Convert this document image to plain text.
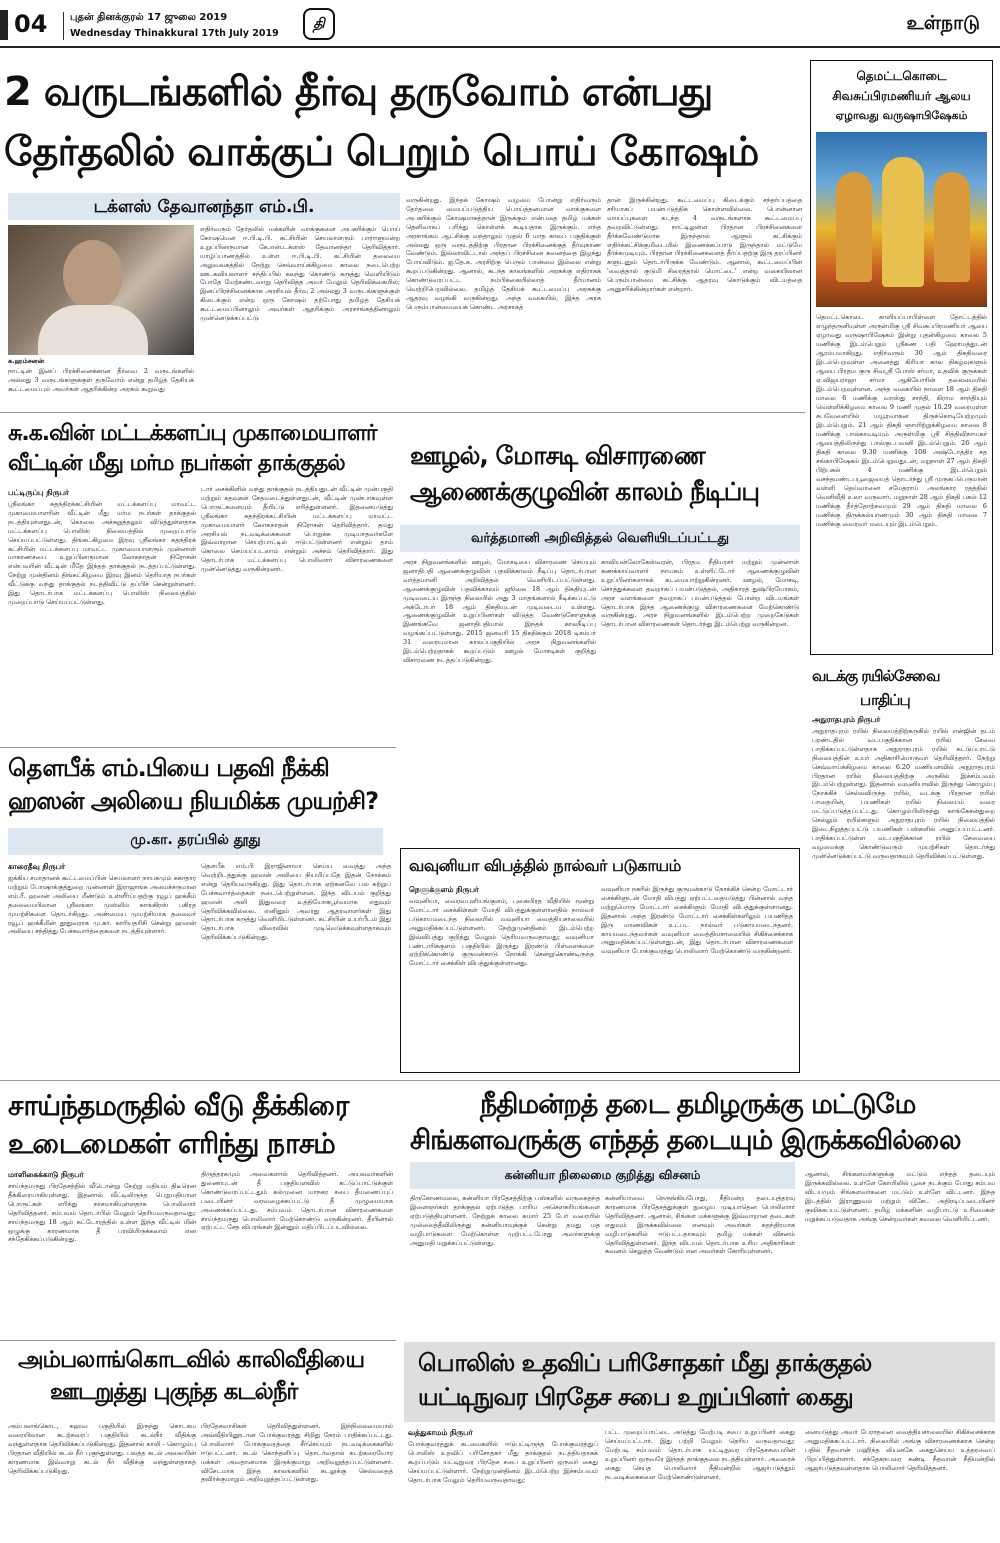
04 புதன் தினக்குரல் 17 ஜுலை 2019
Wednesday Thinakkural 17th July 2019
தி	உள்நாடு
2 வருடங்களில் தீர்வு தருவோம் என்பது
தேர்தலில் வாக்குப் பெறும் பொய் கோஷம்
டக்ளஸ் தேவானந்தா எம்.பி.
க.ஹம்சனன்
நாட்டின் இனப் பிரச்சினைக்கான தீர்வை 2 வருடங்களில் அல்லது 3 வருடங்களுக்குள் தருவோம் என்று தமிழ்த் தேசியக் கூட்டமைப்பும் அவர்கள் ஆதரிக்கின்ற அரசும் கூறுவது
எதிர்வரும் தேர்தலில் மக்களின் வாக்குகளை அபகரிக்கும் பொய் கோஷமென ஈ.பி.டி.பி. கட்சியின் செயலாளரும் பாராளுமன்ற உறுப்பினருமான கே.என்.டக்ளஸ் தேவானந்தா தெரிவித்தார். யாழ்ப்பாணத்தில் உள்ள ஈ.பி.டி.பி. கட்சியின் தலைமை அலுவலகத்தில் நேற்று செவ்வாய்க்கிழமை காலை நடைபெற்ற ஊடகவியலாளர் சந்திப்பில் கலந்து கொண்டு கருத்து வெளியிடும் போதே மேற்கண்டவாறு தெரிவித்த அவர் மேலும் தெரிவிக்கையில்; இனப்பிரச்சினைக்காக அரசியல் தீர்வு 2 அல்லது 3 வருடங்களுக்குள் கிடைக்கும் என்ற ஒரு கோஷம் தற்போது தமிழ்த் தேசியக் கூட்டமைப்பினாலும் அவர்கள் ஆதரிக்கும் அரசாங்கத்தினாலும் முன்னெடுக்கப்பட்டு
வருகின்றது. இந்தக் கோஷம் வழமை போன்று எதிர்வரும் தேர்தலை மையப்படுத்திய பொய்த்தனமான வாக்குகளை அபகரிக்கும் கோஷமாகத்தான் இருக்கும் என்பதை தமிழ் மக்கள் தெளிவாகப் புரிந்து கொள்ளக் கூடியதாக இருக்கும். எந்த அரசாங்கம் ஆட்சிக்கு வந்தாலும் முதல் 6 மாத காலப் பகுதிக்குள் அல்லது ஒரு வருடத்திற்கு பிரதான பிரச்சினைக்குத் தீர்வுகாண வேண்டும். இல்லாவிட்டால் அந்தப் பிரச்சினை கவனத்தை இழந்து போய்விடும். ஐ.தே.க. அரசிற்கு பெரும் பான்மை இல்லை என்று கூறப்படுகின்றது. ஆனால், கடந்த காலங்களில் அரசுக்கு எதிராகக் கொண்டுவரப்பட்ட நம்பிக்கையில்லாத் தீர்மானம் வெற்றிபெறவில்லை. தமிழ்த் தேசியக் கூட்டமைப்பு அரசுக்கு ஆதரவு வழங்கி வருகின்றது. அந்த வகையில், இந்த அரசு பெரும்பான்மையைக் கொண்ட அரசாகத்
தான் இருக்கின்றது. கூட்டமைப்பு கிடைக்கும் சந்தர்ப்பத்தை சரியாகப் பயன்படுத்திக் கொள்ளவில்லை. பொன்னான வாய்ப்புகளை கடந்த 4 வருடங்களாக கூட்டமைப்பு தவறவிட்டுள்ளது. நாட்டிலுள்ள பிரதான பிரச்சினைகளை தீர்க்கவேண்டுமாக இருந்தால் ஆளும் கட்சிக்கும் எதிர்க்கட்சிக்குமிடையில் இணைக்கப்பாடு இருந்தால் மட்டுமே தீர்க்கமுடியும். பிரதான பிரச்சினைகளைத் தீர்ப்பதற்கு இரு தரப்பினர் களுடனும் தொடர்பிருக்க வேண்டும். ஆனால், கூட்டமைப்பின் 'வைத்தால் குடுமி சிரைத்தால் மொட்டை' என்ற வகையிலான பெரும்பான்மை கட்சிக்கு ஆதரவு கொடுக்கும் விடயத்தை அனுசரிக்கின்றார்கள் என்றார்.
தெமட்டகொடை
சிவசுப்பிரமணியர் ஆலய
ஏழாவது வருஷாபிஷேகம்
தெமட்டகொடை காளியப்பாபிள்ளை தோட்டத்தில் எழுந்தருளியுள்ள அருள்மிகு ஸ்ரீ சிவசுப்பிரமணியர் ஆலய ஏழாவது வருஷாபிஷேகம் இன்று புதன்கிழமை காலை 5 மணிக்கு இடம்பெறும் ஸ்ரீகண பதி ஹோமத்துடன் ஆரம்பமாகிறது. எதிர்வரும் 30 ஆம் திகதிவரை இடம்பெறவுள்ள அனைத்து கிரியா கால நிகழ்வுகளும் ஆலய பிரதம குரு சிவஸ்ரீ போஸ் சர்மா, உதவிக் குருக்கள் ஏ.விஜயராஜா சர்மா ஆகியோரின் தலைமையில் இடம்பெறவுள்ளன. அந்த வகையில் நாளை 18 ஆம் திகதி மாலை 6 மணிக்கு வாஸ்து சாந்தி, கிராம சாந்தியும் வெள்ளிக்கிழமை காலை 9 மணி முதல் 10.29 வரையுள்ள சுபவேளையில் மயூரவாகன திருக்கொடியேற்றமும் இடம்பெறும். 21 ஆம் திகதி ஞாயிற்றுக்கிழமை காலை 8 மணிக்கு பால்காவடியும் அருள்மிகு ஸ்ரீ சித்திவிநாயகர் ஆலயத்திலிருந்து பால்குடபவனி இடம்பெறும். 26 ஆம் திகதி காலை 9.30 மணிக்கு 108 அஷ்டோத்திர சத சங்காபிஷேகம் இடம்பெறுவதுடன், மறுநாள் 27 ஆம் திகதி பிற்பகல் 4 மணிக்கு இடம்பெறும் வசந்தமண்டபபூஜையைத் தொடர்ந்து ஸ்ரீ முருகப்பெருமான் வள்ளி தெய்வானை சமேதராய் அலங்கார ரதத்தில் வெளிவீதி உலா வருவார். மறுநாள் 28 ஆம் திகதி பகல் 12 மணிக்கு தீர்த்தோற்சவமும் 29 ஆம் திகதி மாலை 6 மணிக்கு திருக்கல்யாணமும் 30 ஆம் திகதி மாலை 7 மணிக்கு வைரவர் மடையும் இடம்பெறும்.
சு.க.வின் மட்டக்களப்பு முகாமையாளர்
வீட்டின் மீது மர்ம நபர்கள் தாக்குதல்
பட்டிருப்பு நிருபர்
ஸ்ரீலங்கா சுதந்திரக்கட்சியின் மட்டக்களப்பு மாவட்ட முகாமையாளரின் வீட்டின் மீது மர்ம நபர்கள் தாக்குதல் நடத்தியுள்ளதுடன், கொலை அச்சுறுத்தலும் விடுத்துள்ளதாக மட்டக்களப்பு பொலிஸ் நிலையத்தில் முறைப்பாடு செய்யப்பட்டுள்ளது. திங்கட்கிழமை இரவு ஸ்ரீலங்கா சுதந்திரக் கட்சியின் மட்டக்களப்பு மாவட்ட முகாமையாளரும் முன்னாள் மாகாணசபை உறுப்பினருமான லோகநாதன் நிரோசன் என்பவரின் வீட்டின் மீதே இந்தத் தாக்குதல் நடத்தப்பட்டுள்ளது. நேற்று முன்தினம் திங்கட்கிழமை இரவு இனம் தெரியாத நபர்கள் வீட்டுக்கு வந்து தாக்குதல் நடத்திவிட்டு தப்பிச் சென்றுள்ளனர். இது தொடர்பாக மட்டக்களப்பு பொலிஸ் நிலையத்தில் முறைப்பாடு செய்யப்பட்டுள்ளது.
டார் சைக்கிளில் வந்து தாக்குதல் நடத்தியதுடன் வீட்டின் முன்பகுதி மற்றும் கதவுகள் சேதமடைந்துள்ளதுடன், வீட்டின் முன்பாகவுள்ள பொருட்களையும் தீயிட்டு எரித்துள்ளனர். இதனையடுத்து ஸ்ரீலங்கா சுதந்திரக்கட்சியின் மட்டக்களப்பு மாவட்ட முகாமையாளர் லோகநாதன் நிரோசன் தெரிவித்தார். தமது அரசியல் நடவடிக்கைகளை பொறுக்க முடியாதவர்களே இவ்வாறான செயற்பாட்டில் ஈடுபட்டுள்ளனர் என்றும் தாம் கொலை செய்யப்படலாம் என்றும் அச்சம் தெரிவித்தார். இது தொடர்பாக மட்டக்களப்பு பொலிஸார் விசாரணைகளை முன்னெடுத்து வருகின்றனர்.
ஊழல், மோசடி விசாரணை
ஆணைக்குழுவின் காலம் நீடிப்பு
வர்த்தமானி அறிவித்தல் வெளியிடப்பட்டது
அரச நிறுவனங்களில் ஊழல், மோசடியை விசாரணை செய்யும் ஜனாதிபதி ஆணைக்குழுவின் பதவிக்காலம் நீடிப்பு தொடர்பான வர்த்தமானி அறிவித்தல் வெளியிடப்பட்டுள்ளது. ஆணைக்குழுவின் பதவிக்காலம் ஜூலை 18 ஆம் திகதியுடன் முடிவடைய இருந்த நிலையில் அது 3 மாதங்களால் நீடிக்கப்பட்டு அக்டோபர் 18 ஆம் திகதியுடன் முடிவடைய உள்ளது. ஆணைக்குழுவின் உறுப்பினர்கள் விடுத்த வேண்டுகோளுக்கு இணங்கவே ஜனாதிபதியால் இந்தக் காலநீடிப்பு வழங்கப்பட்டுள்ளது. 2015 ஜனவரி 15 திகதிக்கும் 2018 டிசம்பர் 31 வரையுமான காலப்பகுதியில் அரச நிறுவனங்களில் இடம்பெற்றதாகக் கூறப்படும் ஊழல் மோசடிகள் குறித்து விசாரணை நடத்தப்படுகின்றது.
காவியன்லோகேஸ்வரன், பிரதம நீதியரசர் மற்றும் முன்னாள் கணக்காய்வாளர் நாயகம் உள்ளிட்டோர் ஆணைக்குழுவின் உறுப்பினர்களாகக் கடமையாற்றுகின்றனர். ஊழல், மோசடி, சொத்துக்களை தவறாகப் பயன்படுத்தல், அதிகாரத் துஷ்பிரயோகம், அரச வளங்களை தவறாகப் பயன்படுத்தல் போன்ற விடயங்கள் தொடர்பாக இந்த ஆணைக்குழு விசாரணைகளை மேற்கொண்டு வருகின்றது. அரச நிறுவனங்களில் இடம்பெற்ற முறைகேடுகள் தொடர்பான விசாரணைகள் தொடர்ந்து இடம்பெற்று வருகின்றன.
வடக்கு ரயில்சேவை
பாதிப்பு
அநுராதபுரம் நிருபர்
அநுராதபுரம் ரயில் நிலையத்திற்கருகில் ரயில் என்ஜின் தடம் புரண்டதில் வடபகுதிக்கான ரயில் சேவை பாதிக்கப்பட்டுள்ளதாக அநுராதபுரம் ரயில் கட்டுப்பாட்டு நிலையத்தின் உயர் அதிகாரியொருவர் தெரிவித்தார். நேற்று செவ்வாய்க்கிழமை காலை 6.20 மணியளவில் அநுராதபுரம் பிரதான ரயில் நிலையத்திற்கு அருகில் இச்சம்பவம் இடம்பெற்றுள்ளது. இதனால் வவுனியாவில் இருந்து கொழும்பு நோக்கிச் செல்லவிருந்த ரயில், வடக்கு பிரதான ரயில் பாதையின், பயணிகள் ரயில் நிலையம் வரை மட்டுப்படுத்தப்பட்டது. கொழும்பிலிருந்து காங்கேசன்துறை செல்லும் ரயில்களும் அநுராதபுரம் ரயில் நிலையத்தில் இடைநிறுத்தப்பட்டு பயணிகள் பஸ்களில் அனுப்பப்பட்டனர். பாதிக்கப்பட்டுள்ள வடபகுதிக்கான ரயில் சேவையை வழமைக்கு கொண்டுவரும் முயற்சிகள் தொடர்ந்து முன்னெடுக்கப்பட்டு வருவதாகவும் தெரிவிக்கப்பட்டுள்ளது.
தௌபீக் எம்.பியை பதவி நீக்கி
ஹஸன் அலியை நியமிக்க முயற்சி?
மு.கா. தரப்பில் தூது
காரைதீவு நிருபர்
ஐக்கிய சமாதானக் கூட்டமைப்பின் செயலாளர் நாயகமும் சுகாதார மற்றும் போஷாக்குத்துறை முன்னாள் இராஜாங்க அமைச்சருமான எம்.ரீ. ஹஸன் அலியை மீண்டும் உள்ளீர்ப்பதற்கு ரவூப் ஹக்கீம் தலைமையிலான ஸ்ரீலங்கா முஸ்லிம் காங்கிரஸ் பகிரத முயற்சிகளை தொடர்கிறது. அண்மைய முயற்சியாக தலைவர் ரவூப் ஹக்கீமின் தூதுவராக மு.கா. காரியதரிசி சென்று ஹஸன் அலியை சந்தித்து பேச்சுவார்த்தைகளை நடத்தியுள்ளார்.
தௌபீக் எம்.பி இராஜினாமா செய்ய வைத்து அந்த வெற்றிடத்துக்கு ஹஸன் அலியை நியமிப்பதே இதன் நோக்கம் என்று தெரியவருகிறது. இது தொடர்பாக ஏற்கனவே பல சுற்றுப் பேச்சுவார்த்தைகள் நடைபெற்றுள்ளன. இந்த விடயம் குறித்து ஹஸன் அலி இதுவரை உத்தியோகபூர்வமாக எதுவும் தெரிவிக்கவில்லை. எனினும் அவரது ஆதரவாளர்கள் இது தொடர்பாக கருத்து வெளியிட்டுள்ளனர். கட்சியின் உயர்பீடம் இது தொடர்பாக விரைவில் முடிவெடுக்கவுள்ளதாகவும் தெரிவிக்கப்படுகின்றது.
வவுனியா விபத்தில் நால்வர் படுகாயம்
நெளுக்குளம் நிருபர்
வவுனியா, வைரவபுளியங்குளம், புகையிரத வீதியில் மூன்று மோட்டார் சைக்கிள்கள் மோதி விபத்துக்குள்ளானதில் நால்வர் படுகாயமடைந்த நிலையில் வவுனியா வைத்தியசாலையில் அனுமதிக்கப்பட்டுள்ளனர். நேற்றுமுன்தினம் இடம்பெற்ற இவ்விபத்து குறித்து மேலும் தெரியவருவதாவது; வவுனியா பண்டாரிக்குளம் பகுதியில் இருந்து இரண்டு பிள்ளைகளை ஏற்றிக்கொண்டு குருமன்காடு நோக்கி சென்றுகொண்டிருந்த மோட்டார் சைக்கிள் விபத்துக்குள்ளானது.
வவுனியா நகரில் இருந்து குருமன்காடு நோக்கிச் சென்ற மோட்டார் சைக்கிளுடன் மோதி விபத்து ஏற்பட்டதையடுத்து பின்னால் வந்த மற்றுமொரு மோட்டார் சைக்கிளும் மோதி விபத்துக்குள்ளானது. இதனால் அந்த இரண்டு மோட்டார் சைக்கிள்களிலும் பயணித்த இரு மாணவிகள் உட்பட நால்வர் படுகாயமடைந்தனர். காயமடைந்தவர்கள் வவுனியா வைத்தியசாலையில் சிகிச்சைக்காக அனுமதிக்கப்பட்டுள்ளதுடன், இது தொடர்பான விசாரணைகளை வவுனியா போக்குவரத்து பொலிஸார் மேற்கொண்டு வருகின்றனர்.
சாய்ந்தமருதில் வீடு தீக்கிரை
உடைமைகள் எரிந்து நாசம்
மாளிகைக்காடு நிருபர்
சாய்ந்தமருது பிரதேசத்தில் வீடொன்று நேற்று மதியம் திடீரென தீக்கிரையாகியுள்ளது. இதனால் வீட்டிலிருந்த பெறுமதியான பொருட்கள் எரிந்து நாசமாகியுள்ளதாக பொலிஸார் தெரிவித்தனர். சம்பவம் தொடர்பில் மேலும் தெரியவருவதாவது; சாய்ந்தமருது 18 ஆம் கட்டோரத்தில் உள்ள இந்த வீட்டில் மின் ஒழுக்கு காரணமாக தீ பரவியிருக்கலாம் என சந்தேகிக்கப்படுகின்றது.
திருத்தரகமும் அவைகளால் தெரிவித்தனர். அயலவர்களின் துணையுடன் தீ பகுதியளவில் கட்டுப்பாட்டுக்குள் கொண்டுவரப்பட்டதும் கல்முனை மாநகர சபை தீயணைப்புப் படையினர் வரவழைக்கப்பட்டு தீ முழுமையாக அணைக்கப்பட்டது. சம்பவம் தொடர்பான விசாரணைகளை சாய்ந்தமருது பொலிஸார் மேற்கொண்டு வருகின்றனர். தீயினால் ஏற்பட்ட சேத விபரங்கள் இன்னும் மதிப்பிடப்படவில்லை.
நீதிமன்றத் தடை தமிழருக்கு மட்டுமே
சிங்களவருக்கு எந்தத் தடையும் இருக்கவில்லை
கன்னியா நிலைமை குறித்து விசனம்
திருகோணமலை, கன்னியா பிரதேசத்திற்கு பஸ்களில் வருகைதந்த இளைஞர்கள் தாக்குதல் ஏற்படுத்த பாரிய அசௌகரியங்களை ஏற்படுத்தியுள்ளனர். நேற்றுக் காலை சுமார் 25 பேர் வரையில் முல்லைத்தீவிலிருந்து கன்னியாவுக்குச் சென்று தமது மத வழிபாடுகளை மேற்கொள்ள முற்பட்டபோது அவர்களுக்கு அனுமதி மறுக்கப்பட்டுள்ளது.
கன்னியாவை நெருங்கியபோது, நீதிமன்ற தடையுத்தரவு காரணமாக பிரதேசத்துக்குள் நுழைய முடியாதென பொலிஸார் தெரிவித்தனர். ஆனால், சிங்கள மக்களுக்கு இவ்வாறான தடைகள் எதுவும் இருக்கவில்லை எனவும் அவர்கள் சுதந்திரமாக வழிபாடுகளில் ஈடுபட்டதாகவும் தமிழ் மக்கள் விசனம் தெரிவித்துள்ளனர். இந்த விடயம் தொடர்பாக உரிய அதிகாரிகள் கவனம் செலுத்த வேண்டும் என அவர்கள் கோரியுள்ளனர்.
ஆனால், சிங்களவர்களுக்கு மட்டும் எந்தத் தடையும் இருக்கவில்லை. உள்ளே கோயிலில் பூசை நடக்கும் போது சம்பவ விடயமும் சிங்களவர்களை மட்டும் உள்ளே விட்டனர். இந்த இடத்தில் இராணுவம் மற்றும் விசேட அதிரடிப்படையினர் குவிக்கப்பட்டுள்ளனர். தமிழ் மக்களின் வழிபாட்டு உரிமைகள் மறுக்கப்படுவதாக அங்கு சென்றவர்கள் கவலை வெளியிட்டனர்.
அம்பலாங்கொடவில் காலிவீதியை
ஊடறுத்து புகுந்த கடல்நீர்
அம்பலாங்கொட, கஹவ பகுதியில் இருந்து கொடகம வரையிலான கடற்கரைப் பகுதியில் கடல்நீர் வீதிக்கு வந்துள்ளதாக தெரிவிக்கப்படுகின்றது. இதனால் காலி - கொழும்பு பிரதான வீதியில் கடல் நீர் புகுந்துள்ளது. பலத்த கடல் அலையின் காரணமாக இவ்வாறு கடல் நீர் வீதிக்கு வந்துள்ளதாகத் தெரிவிக்கப்படுகிறது.
பிரதேசவாசிகள் தெரிவித்துள்ளனர். இந்நிலைமையால் அவ்வீதியினூடான போக்குவரத்து சிறிது நேரம் பாதிக்கப்பட்டது. பொலிஸார் போக்குவரத்தை சீர்செய்யும் நடவடிக்கைகளில் ஈடுபட்டனர். கடல் கொந்தளிப்பு தொடர்வதால் கடற்கரையோர மக்கள் அவதானமாக இருக்குமாறு அறிவுறுத்தப்பட்டுள்ளனர். விசேடமாக இந்த காலங்களில் கடலுக்கு செல்வதைத் தவிர்க்குமாறும் அறிவுறுத்தப்பட்டுள்ளது.
பொலிஸ் உதவிப் பரிசோதகர் மீது தாக்குதல்
யட்டிநுவர பிரதேச சபை உறுப்பினர் கைது
வத்துகாமம் நிருபர்
போக்குவரத்துக் கடமைகளில் ஈடுபட்டிருந்த போக்குவரத்துப் பொலிஸ் உதவிப் பரிசோதகர் மீது தாக்குதல் நடத்தியதாகக் கூறப்படும் யட்டிநுவர பிரதேச சபை உறுப்பினர் ஒருவர் கைது செய்யப்பட்டுள்ளார். நேற்றுமுன்தினம் இடம்பெற்ற இச்சம்பவம் தொடர்பாக மேலும் தெரியவருவதாவது;
பட்ட முறைப்பாட்டை அடுத்து மேற்படி சபை உறுப்பினர் கைது செய்யப்பட்டார். இது பற்றி மேலும் தெரிய வருவதாவது; மேற்படி சம்பவம் தொடர்பாக யட்டிநுவர பிரதேசசபையின் உறுப்பினர் ஒருவரே இந்தத் தாக்குதலை நடத்தியுள்ளார். அவரைக் கைது செய்த பொலிஸார் நீதிமன்றில் ஆஜர்படுத்தும் நடவடிக்கைகளை மேற்கொண்டுள்ளனர்.
னையடுத்து அவர் பேராதனை வைத்தியசாலையில் சிகிச்சைக்காக அனுமதிக்கப்பட்டார். நிலையில் அங்கு விசாரணைக்காக சென்ற பதில் நீதவான் மஹிந்த லியனகே கைதுசெய்ய உத்தரவைப் பிறப்பித்துள்ளார். சந்தேகநபரை கண்டி நீதவான் நீதிமன்றில் ஆஜர்படுத்தவுள்ளதாக பொலிஸார் தெரிவித்தனர்.
